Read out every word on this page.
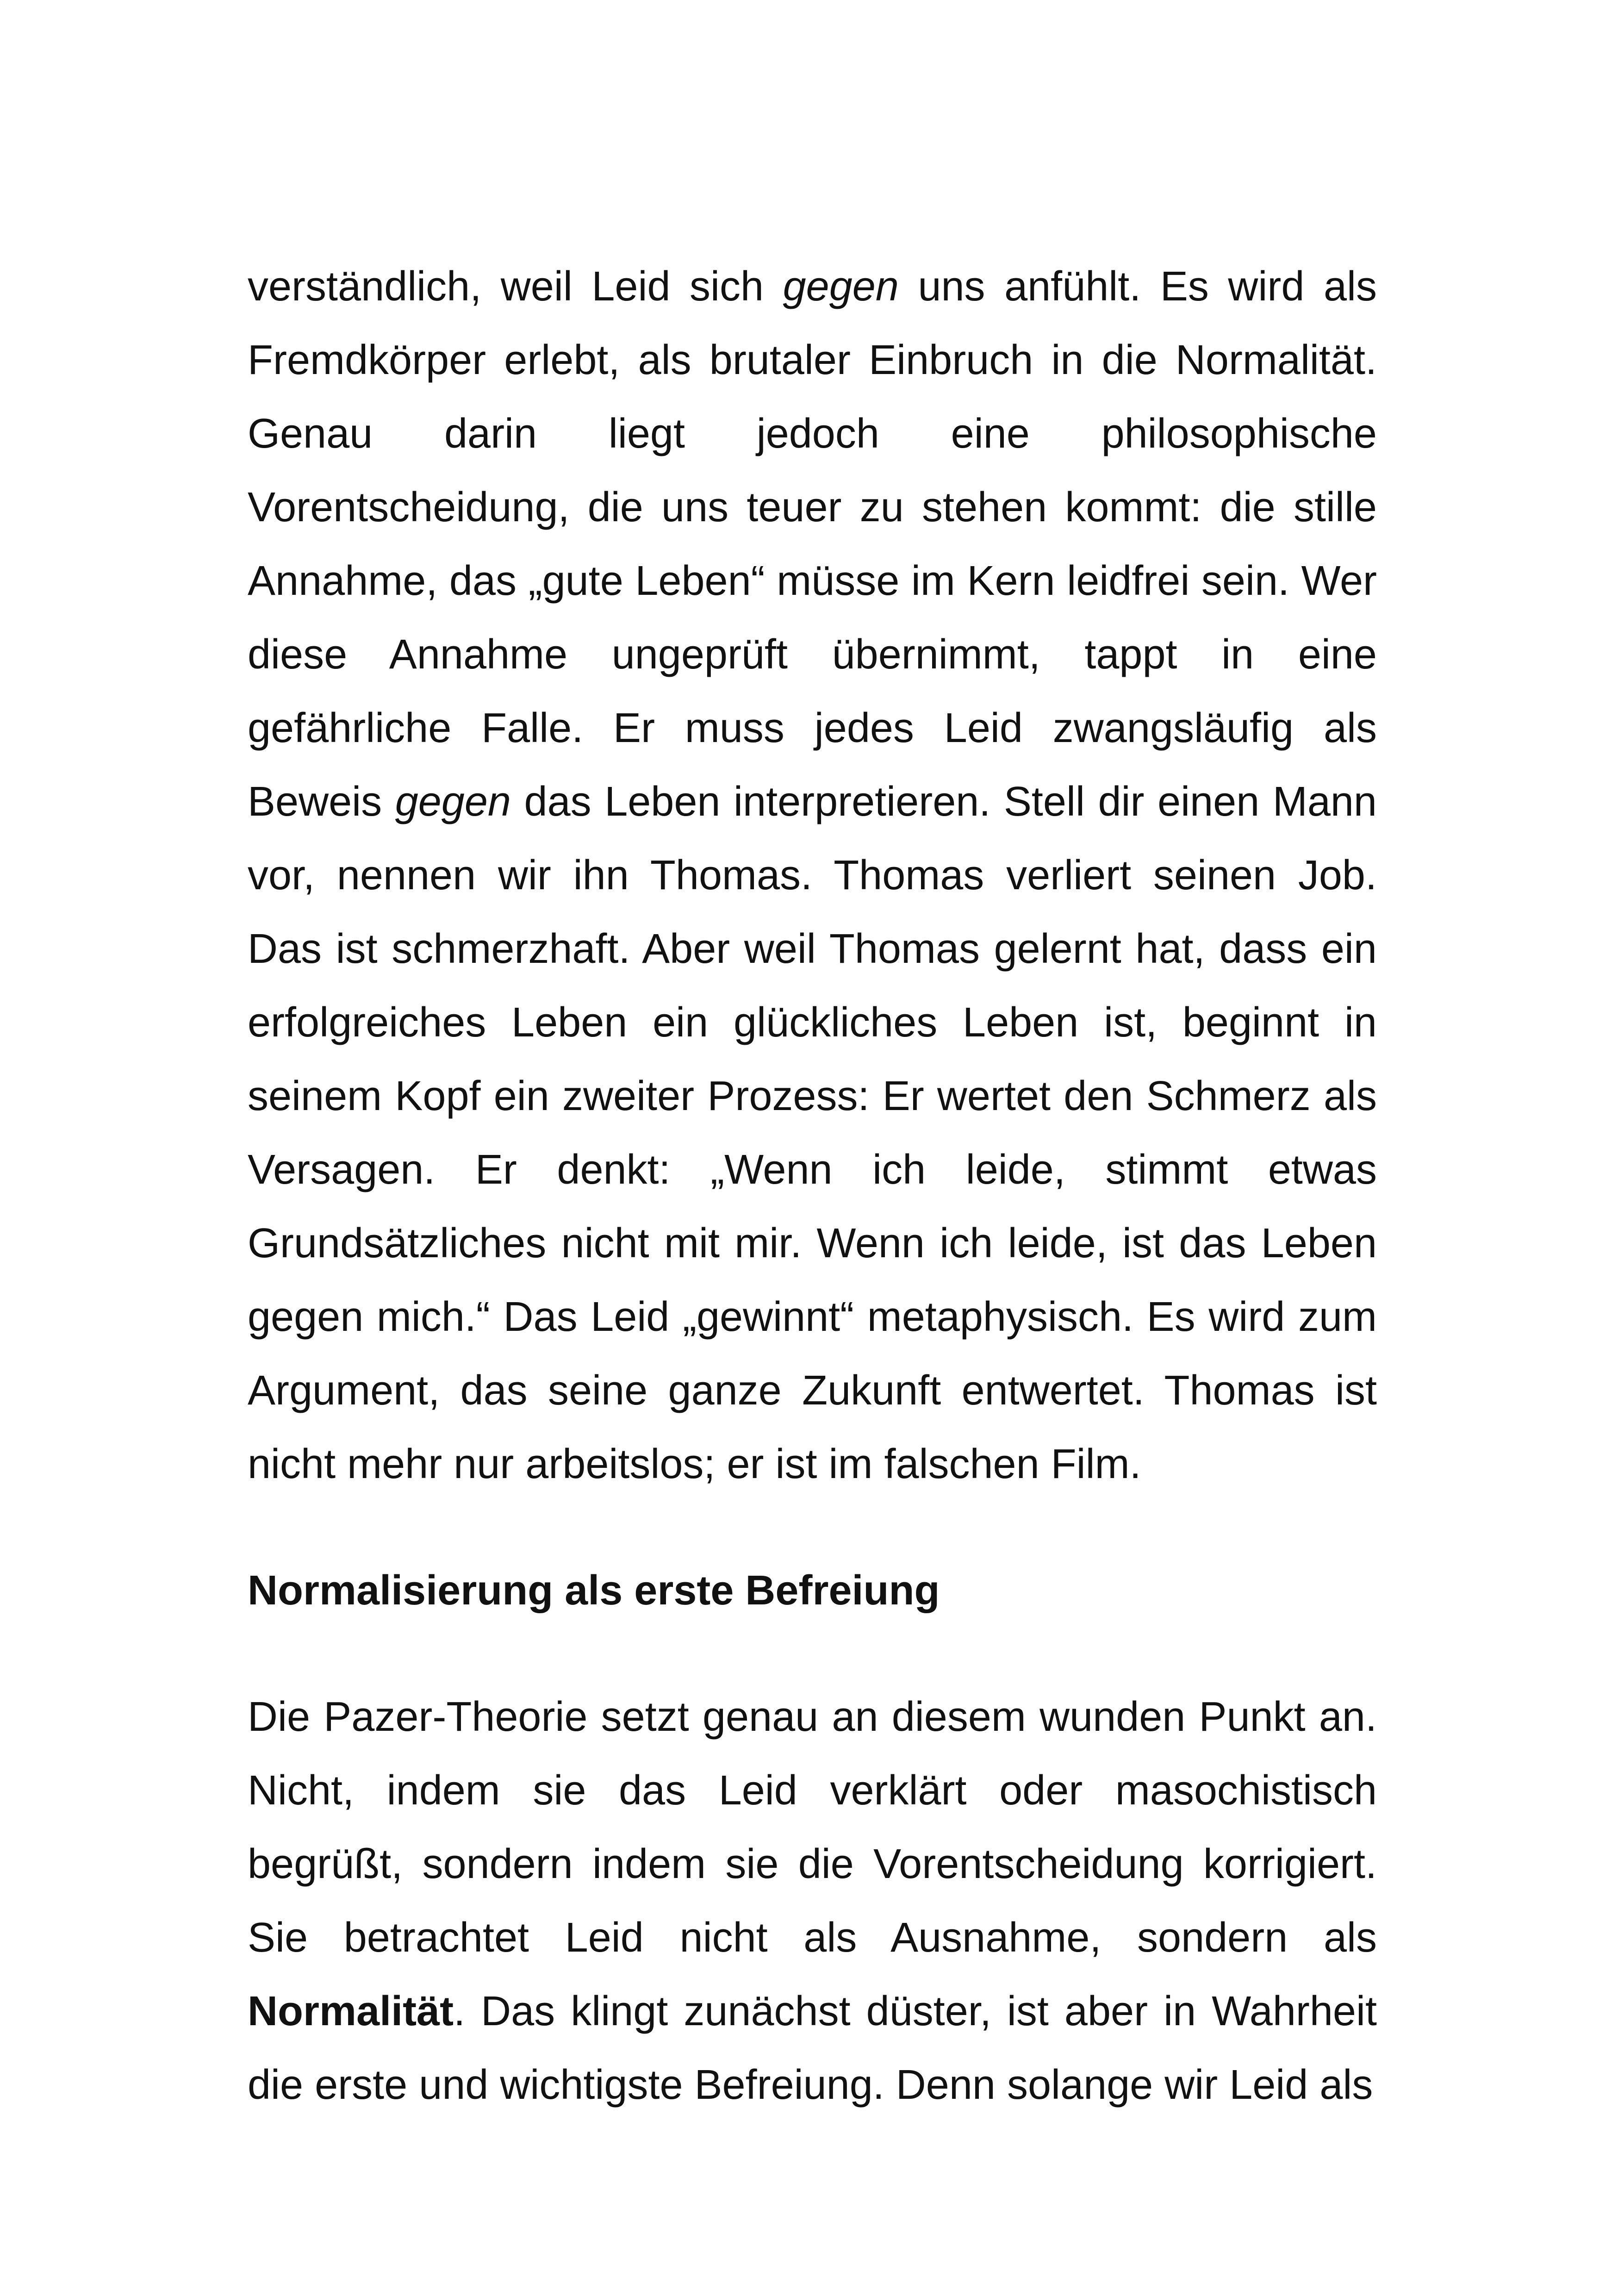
verständlich, weil Leid sich gegen uns anfühlt. Es wird als Fremdkörper erlebt, als brutaler Einbruch in die Normalität. Genau darin liegt jedoch eine philosophische Vorentscheidung, die uns teuer zu stehen kommt: die stille Annahme, das „gute Leben“ müsse im Kern leidfrei sein. Wer diese Annahme ungeprüft übernimmt, tappt in eine gefährliche Falle. Er muss jedes Leid zwangsläufig als Beweis gegen das Leben interpretieren. Stell dir einen Mann vor, nennen wir ihn Thomas. Thomas verliert seinen Job. Das ist schmerzhaft. Aber weil Thomas gelernt hat, dass ein erfolgreiches Leben ein glückliches Leben ist, beginnt in seinem Kopf ein zweiter Prozess: Er wertet den Schmerz als Versagen. Er denkt: „Wenn ich leide, stimmt etwas Grundsätzliches nicht mit mir. Wenn ich leide, ist das Leben gegen mich.“ Das Leid „gewinnt“ metaphysisch. Es wird zum Argument, das seine ganze Zukunft entwertet. Thomas ist nicht mehr nur arbeitslos; er ist im falschen Film.

Normalisierung als erste Befreiung

Die Pazer-Theorie setzt genau an diesem wunden Punkt an. Nicht, indem sie das Leid verklärt oder masochistisch begrüßt, sondern indem sie die Vorentscheidung korrigiert. Sie betrachtet Leid nicht als Ausnahme, sondern als Normalität. Das klingt zunächst düster, ist aber in Wahrheit die erste und wichtigste Befreiung. Denn solange wir Leid als
